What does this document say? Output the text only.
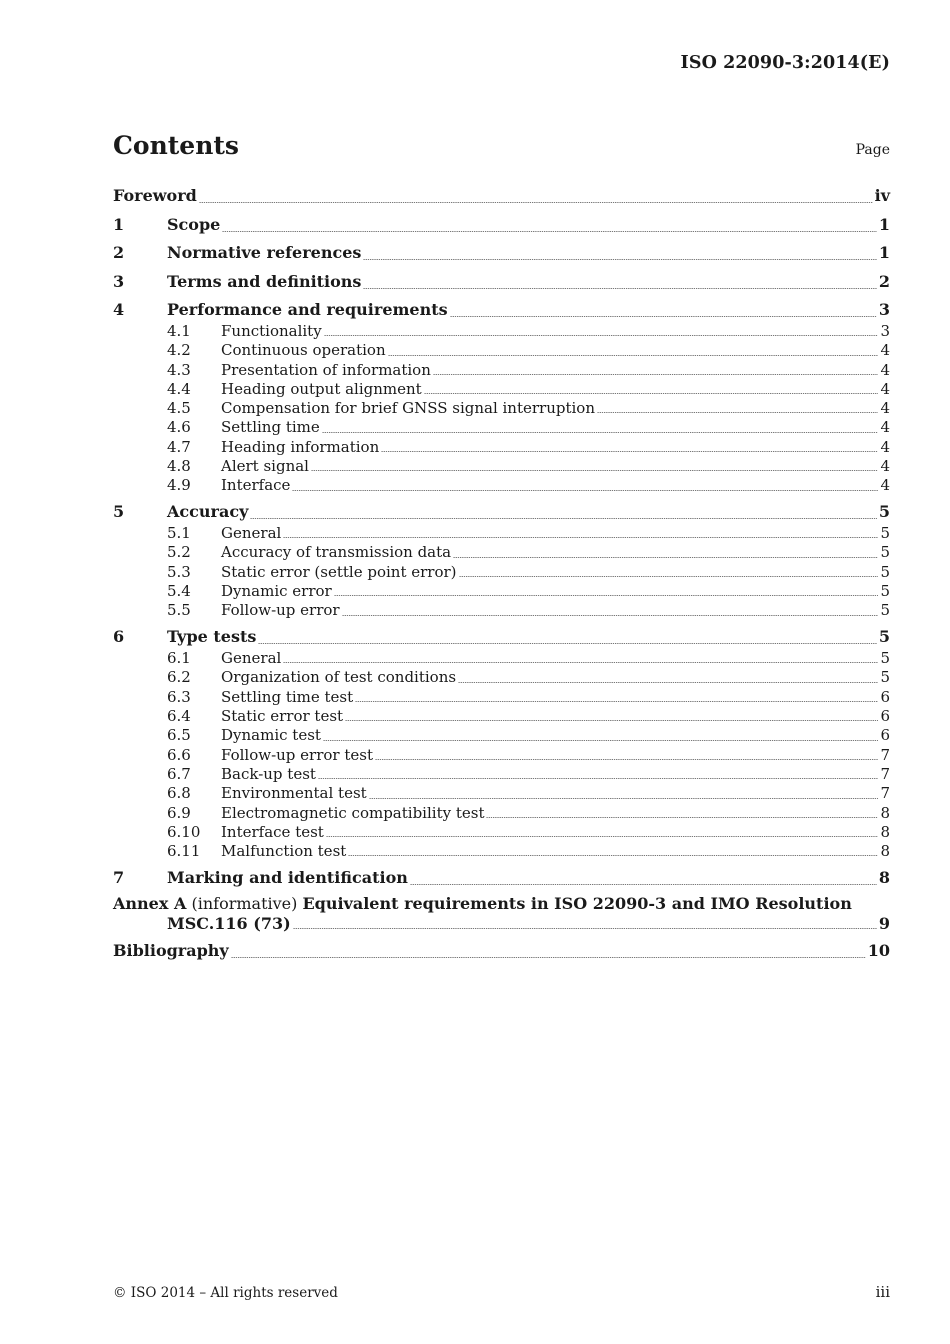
ISO 22090-3:2014(E)
Contents	Page
Foreword	iv
1	Scope	1
2	Normative references	1
3	Terms and definitions	2
4	Performance and requirements	3
4.1	Functionality	3
4.2	Continuous operation	4
4.3	Presentation of information	4
4.4	Heading output alignment	4
4.5	Compensation for brief GNSS signal interruption	4
4.6	Settling time	4
4.7	Heading information	4
4.8	Alert signal	4
4.9	Interface	4
5	Accuracy	5
5.1	General	5
5.2	Accuracy of transmission data	5
5.3	Static error (settle point error)	5
5.4	Dynamic error	5
5.5	Follow-up error	5
6	Type tests	5
6.1	General	5
6.2	Organization of test conditions	5
6.3	Settling time test	6
6.4	Static error test	6
6.5	Dynamic test	6
6.6	Follow-up error test	7
6.7	Back-up test	7
6.8	Environmental test	7
6.9	Electromagnetic compatibility test	8
6.10	Interface test	8
6.11	Malfunction test	8
7	Marking and identification	8
Annex A (informative) Equivalent requirements in ISO 22090-3 and IMO Resolution
MSC.116 (73)	9
Bibliography	10
© ISO 2014 – All rights reserved	iii
